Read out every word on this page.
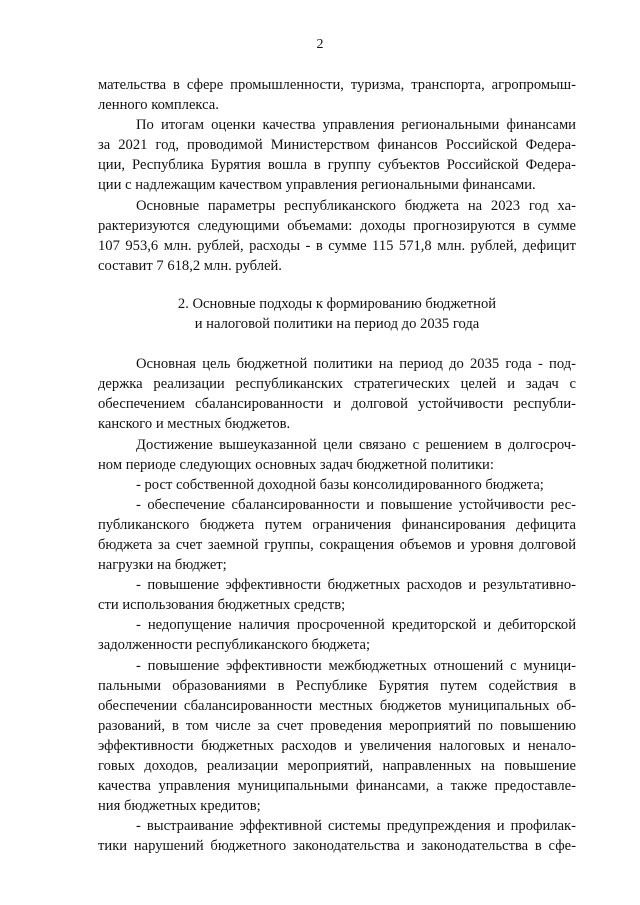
2

мательства в сфере промышленности, туризма, транспорта, агропромыш-

ленного комплекса.

По итогам оценки качества управления региональными финансами

за 2021 год, проводимой Министерством финансов Российской Федера-

ции, Республика Бурятия вошла в группу субъектов Российской Федера-

ции с надлежащим качеством управления региональными финансами.

Основные параметры республиканского бюджета на 2023 год ха-

рактеризуются следующими объемами: доходы прогнозируются в сумме

107 953,6 млн. рублей, расходы - в сумме 115 571,8 млн. рублей, дефицит

составит 7 618,2 млн. рублей.

2. Основные подходы к формированию бюджетной

и налоговой политики на период до 2035 года

Основная цель бюджетной политики на период до 2035 года - под-

держка реализации республиканских стратегических целей и задач с

обеспечением сбалансированности и долговой устойчивости республи-

канского и местных бюджетов.

Достижение вышеуказанной цели связано с решением в долгосроч-

ном периоде следующих основных задач бюджетной политики:

- рост собственной доходной базы консолидированного бюджета;

- обеспечение сбалансированности и повышение устойчивости рес-

публиканского бюджета путем ограничения финансирования дефицита

бюджета за счет заемной группы, сокращения объемов и уровня долговой

нагрузки на бюджет;

- повышение эффективности бюджетных расходов и результативно-

сти использования бюджетных средств;

- недопущение наличия просроченной кредиторской и дебиторской

задолженности республиканского бюджета;

- повышение эффективности межбюджетных отношений с муници-

пальными образованиями в Республике Бурятия путем содействия в

обеспечении сбалансированности местных бюджетов муниципальных об-

разований, в том числе за счет проведения мероприятий по повышению

эффективности бюджетных расходов и увеличения налоговых и ненало-

говых доходов, реализации мероприятий, направленных на повышение

качества управления муниципальными финансами, а также предоставле-

ния бюджетных кредитов;

- выстраивание эффективной системы предупреждения и профилак-

тики нарушений бюджетного законодательства и законодательства в сфе-
